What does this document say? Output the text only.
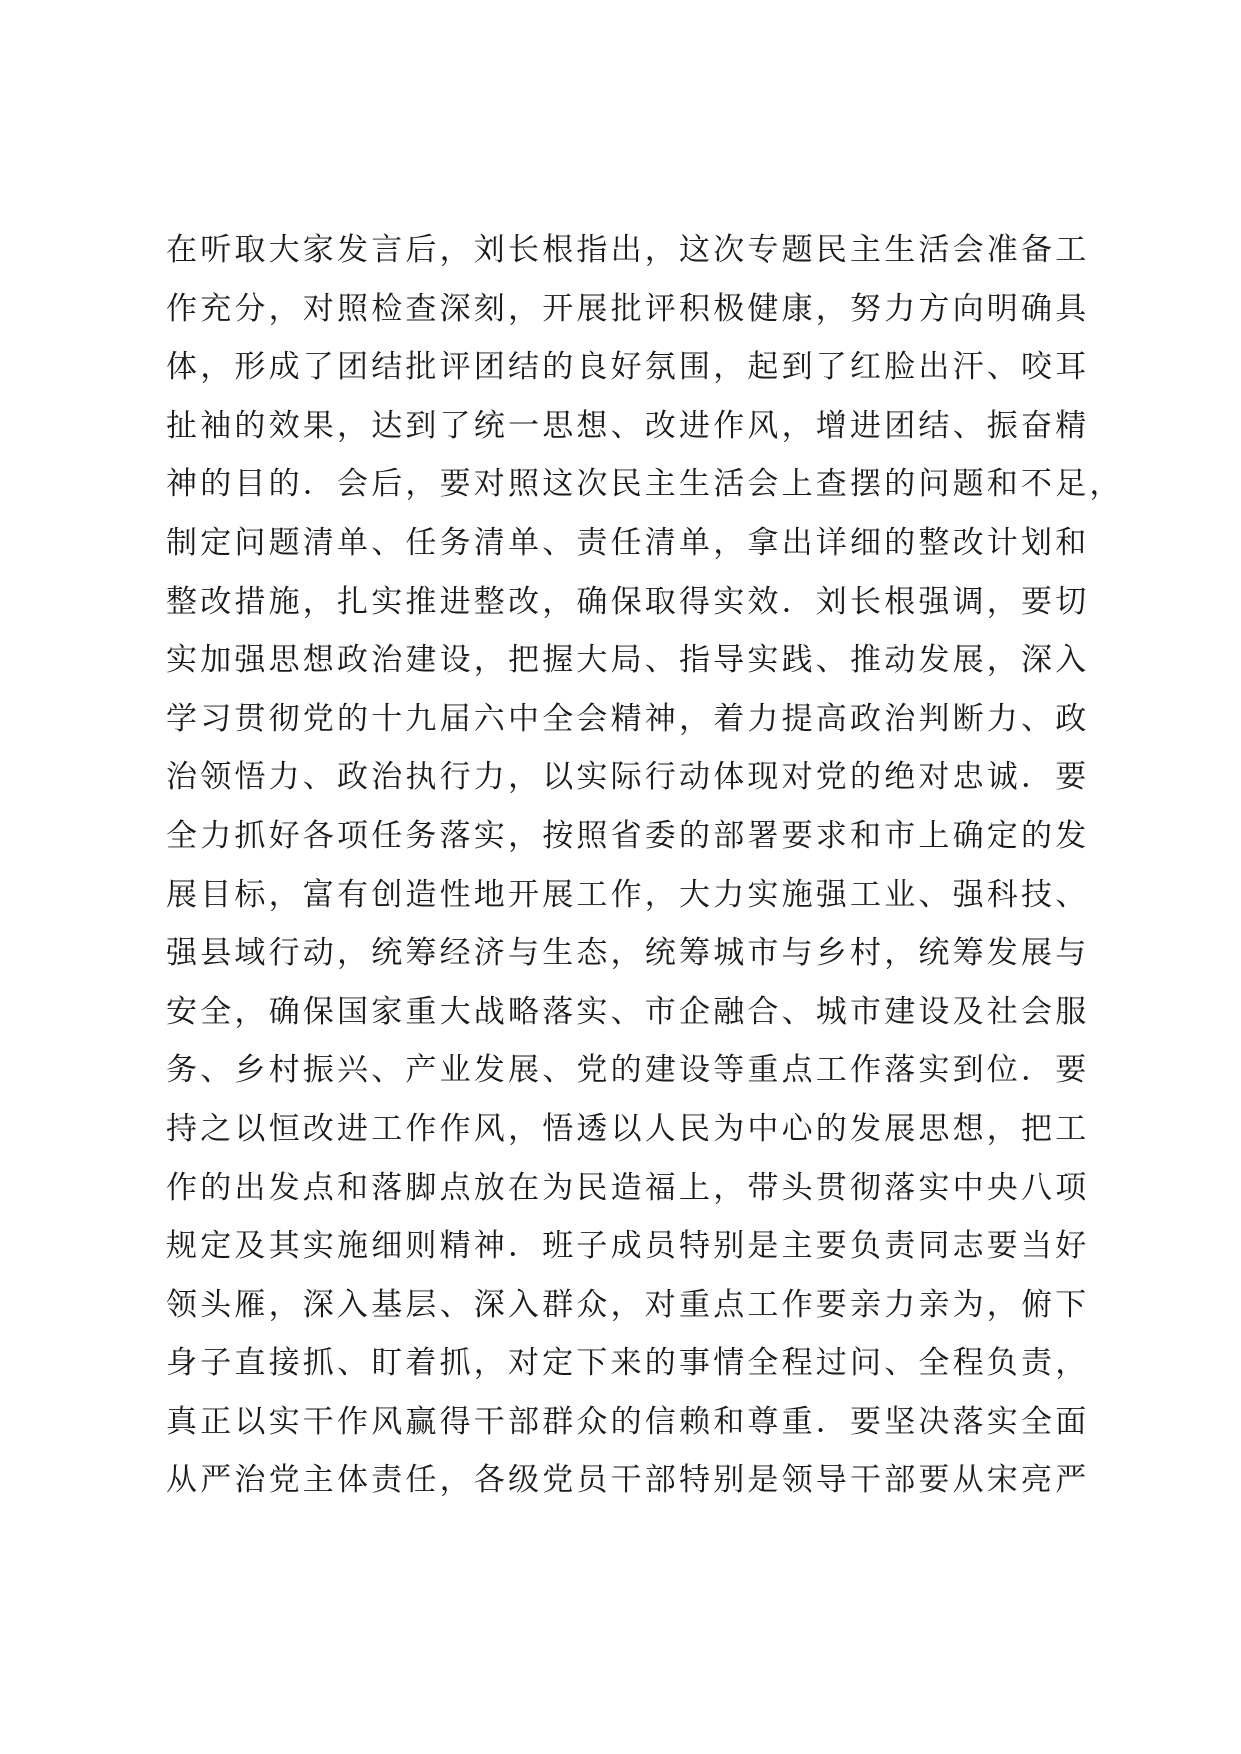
在听取大家发言后，刘长根指出，这次专题民主生活会准备工
作充分，对照检查深刻，开展批评积极健康，努力方向明确具
体，形成了团结批评团结的良好氛围，起到了红脸出汗、咬耳
扯袖的效果，达到了统一思想、改进作风，增进团结、振奋精
神的目的．会后，要对照这次民主生活会上查摆的问题和不足，
制定问题清单、任务清单、责任清单，拿出详细的整改计划和
整改措施，扎实推进整改，确保取得实效．刘长根强调，要切
实加强思想政治建设，把握大局、指导实践、推动发展，深入
学习贯彻党的十九届六中全会精神，着力提高政治判断力、政
治领悟力、政治执行力，以实际行动体现对党的绝对忠诚．要
全力抓好各项任务落实，按照省委的部署要求和市上确定的发
展目标，富有创造性地开展工作，大力实施强工业、强科技、
强县域行动，统筹经济与生态，统筹城市与乡村，统筹发展与
安全，确保国家重大战略落实、市企融合、城市建设及社会服
务、乡村振兴、产业发展、党的建设等重点工作落实到位．要
持之以恒改进工作作风，悟透以人民为中心的发展思想，把工
作的出发点和落脚点放在为民造福上，带头贯彻落实中央八项
规定及其实施细则精神．班子成员特别是主要负责同志要当好
领头雁，深入基层、深入群众，对重点工作要亲力亲为，俯下
身子直接抓、盯着抓，对定下来的事情全程过问、全程负责，
真正以实干作风赢得干部群众的信赖和尊重．要坚决落实全面
从严治党主体责任，各级党员干部特别是领导干部要从宋亮严
